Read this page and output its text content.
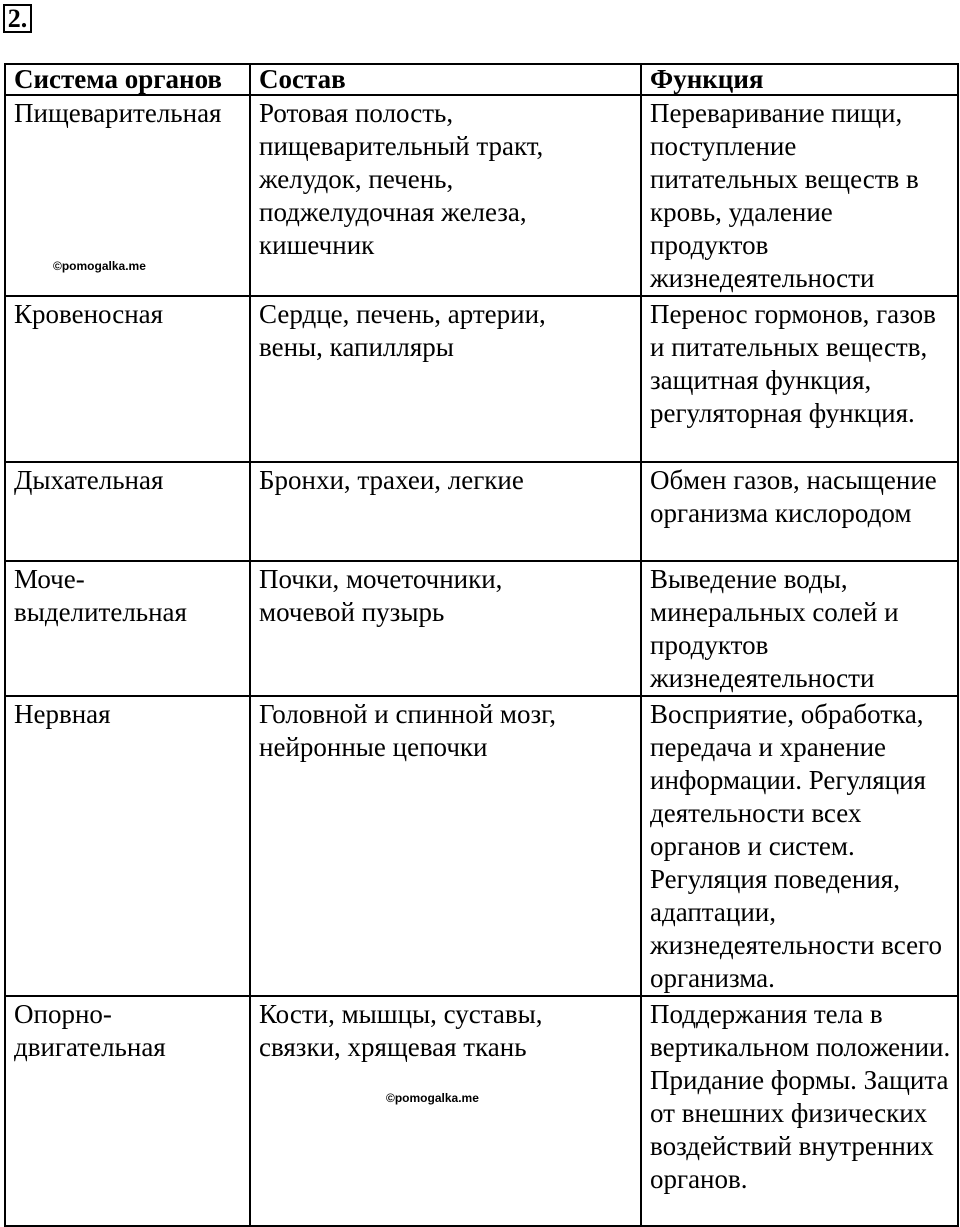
2.
Система органов	Состав	Функция
Пищеварительная	Ротовая полость, пищеварительный тракт, желудок, печень, поджелудочная железа, кишечник	Переваривание пищи, поступление питательных веществ в кровь, удаление продуктов жизнедеятельности
Кровеносная	Сердце, печень, артерии, вены, капилляры	Перенос гормонов, газов и питательных веществ, защитная функция, регуляторная функция.
Дыхательная	Бронхи, трахеи, легкие	Обмен газов, насыщение организма кислородом

Моче-выделительная	Почки, мочеточники, мочевой пузырь	Выведение воды, минеральных солей и продуктов жизнедеятельности
Нервная	Головной и спинной мозг, нейронные цепочки	Восприятие, обработка, передача и хранение информации. Регуляция деятельности всех органов и систем. Регуляция поведения, адаптации, жизнедеятельности всего организма.

Опорно-двигательная	Кости, мышцы, суставы, связки, хрящевая ткань	Поддержания тела в вертикальном положении. Придание формы. Защита от внешних физических воздействий внутренних органов.
©pomogalka.me
©pomogalka.me
